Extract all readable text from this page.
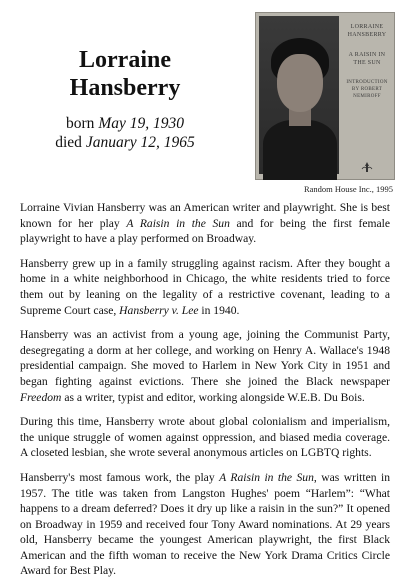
Lorraine
Hansberry
born May 19, 1930
died January 12, 1965
LORRAINE HANSBERRY
A RAISIN IN THE SUN
INTRODUCTION BY ROBERT NEMIROFF
Random House Inc., 1995

Lorraine Vivian Hansberry was an American writer and playwright. She is best known for her play A Raisin in the Sun and for being the first female playwright to have a play performed on Broadway.

Hansberry grew up in a family struggling against racism. After they bought a home in a white neighborhood in Chicago, the white residents tried to force them out by leaning on the legality of a restrictive covenant, leading to a Supreme Court case, Hansberry v. Lee in 1940.

Hansberry was an activist from a young age, joining the Communist Party, desegregating a dorm at her college, and working on Henry A. Wallace's 1948 presidential campaign. She moved to Harlem in New York City in 1951 and began fighting against evictions. There she joined the Black newspaper Freedom as a writer, typist and editor, working alongside W.E.B. Du Bois.

During this time, Hansberry wrote about global colonialism and imperialism, the unique struggle of women against oppression, and biased media coverage. A closeted lesbian, she wrote several anonymous articles on LGBTQ rights.

Hansberry's most famous work, the play A Raisin in the Sun, was written in 1957. The title was taken from Langston Hughes' poem “Harlem”: “What happens to a dream deferred? Does it dry up like a raisin in the sun?” It opened on Broadway in 1959 and received four Tony Award nominations. At 29 years old, Hansberry became the youngest American playwright, the first Black American and the fifth woman to receive the New York Drama Critics Circle Award for Best Play.
